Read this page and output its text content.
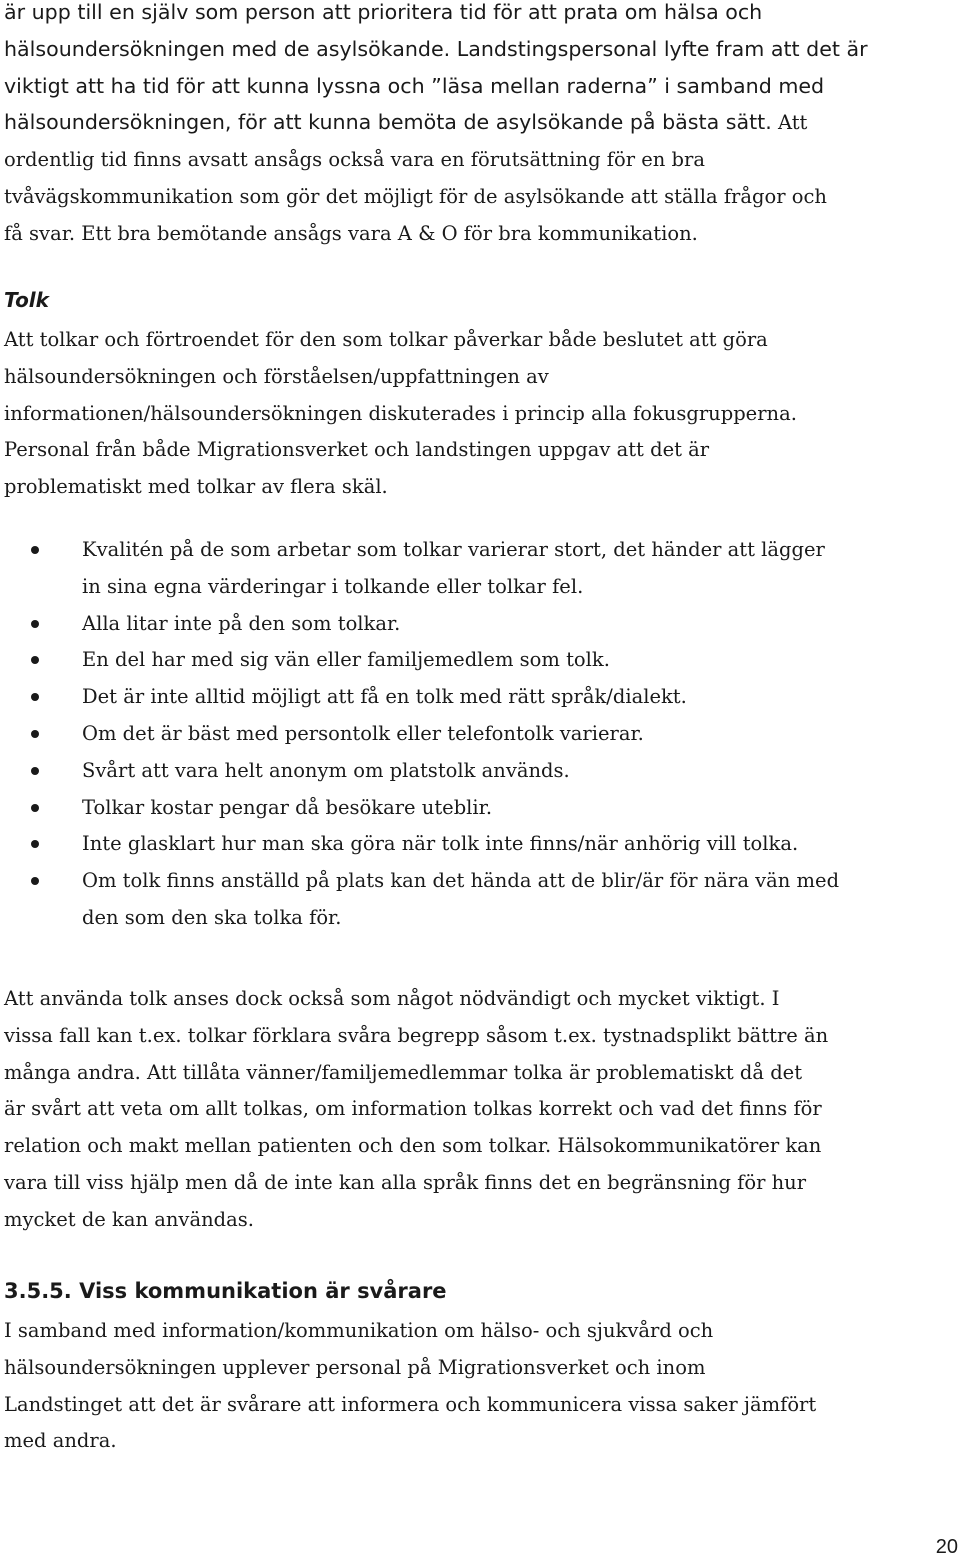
är upp till en själv som person att prioritera tid för att prata om hälsa och
hälsoundersökningen med de asylsökande. Landstingspersonal lyfte fram att det är
viktigt att ha tid för att kunna lyssna och ”läsa mellan raderna” i samband med
hälsoundersökningen, för att kunna bemöta de asylsökande på bästa sätt. Att
ordentlig tid finns avsatt ansågs också vara en förutsättning för en bra
tvåvägskommunikation som gör det möjligt för de asylsökande att ställa frågor och
få svar. Ett bra bemötande ansågs vara A & O för bra kommunikation.
Tolk
Att tolkar och förtroendet för den som tolkar påverkar både beslutet att göra
hälsoundersökningen och förståelsen/uppfattningen av
informationen/hälsoundersökningen diskuterades i princip alla fokusgrupperna.
Personal från både Migrationsverket och landstingen uppgav att det är
problematiskt med tolkar av flera skäl.
Kvalitén på de som arbetar som tolkar varierar stort, det händer att lägger
in sina egna värderingar i tolkande eller tolkar fel.
Alla litar inte på den som tolkar.
En del har med sig vän eller familjemedlem som tolk.
Det är inte alltid möjligt att få en tolk med rätt språk/dialekt.
Om det är bäst med persontolk eller telefontolk varierar.
Svårt att vara helt anonym om platstolk används.
Tolkar kostar pengar då besökare uteblir.
Inte glasklart hur man ska göra när tolk inte finns/när anhörig vill tolka.
Om tolk finns anställd på plats kan det hända att de blir/är för nära vän med
den som den ska tolka för.
Att använda tolk anses dock också som något nödvändigt och mycket viktigt. I
vissa fall kan t.ex. tolkar förklara svåra begrepp såsom t.ex. tystnadsplikt bättre än
många andra. Att tillåta vänner/familjemedlemmar tolka är problematiskt då det
är svårt att veta om allt tolkas, om information tolkas korrekt och vad det finns för
relation och makt mellan patienten och den som tolkar. Hälsokommunikatörer kan
vara till viss hjälp men då de inte kan alla språk finns det en begränsning för hur
mycket de kan användas.
3.5.5. Viss kommunikation är svårare
I samband med information/kommunikation om hälso- och sjukvård och
hälsoundersökningen upplever personal på Migrationsverket och inom
Landstinget att det är svårare att informera och kommunicera vissa saker jämfört
med andra.
20
